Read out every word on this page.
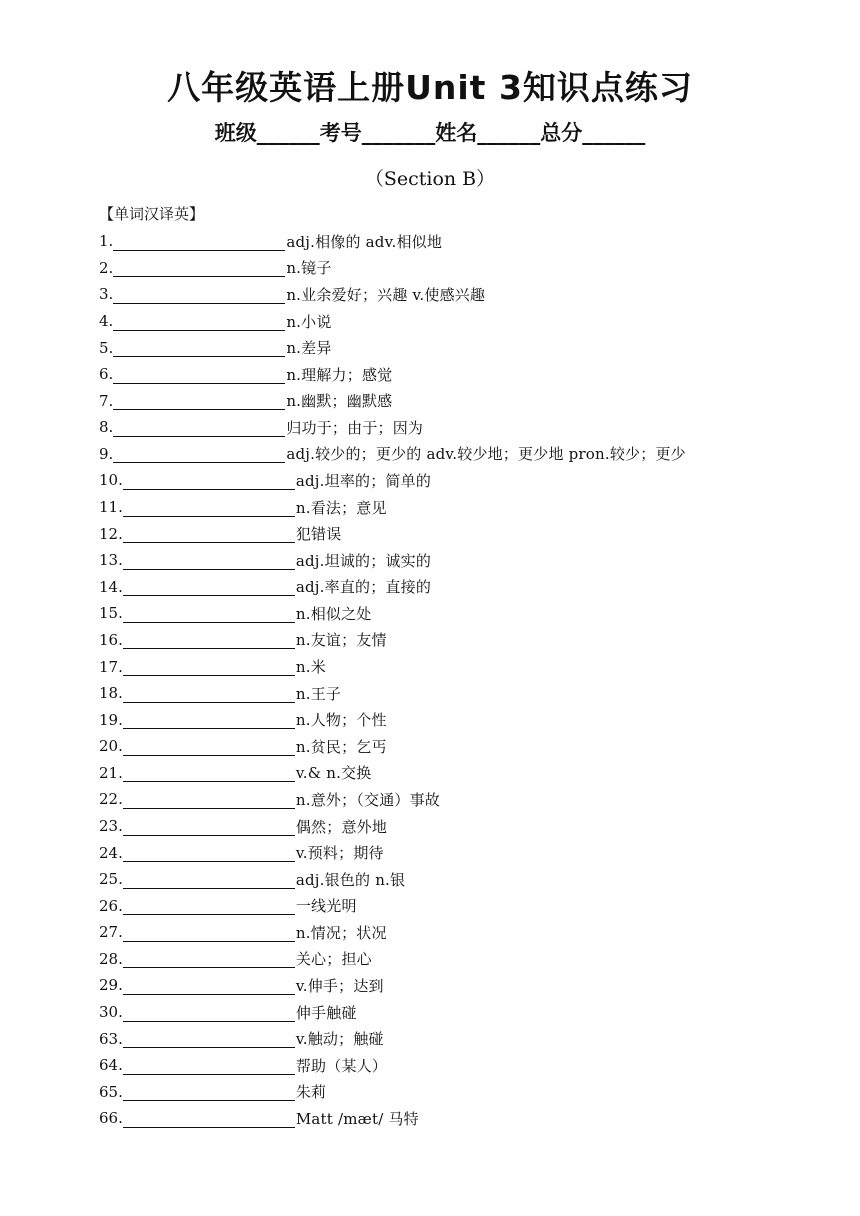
八年级英语上册Unit 3知识点练习
班级______考号_______姓名______总分______
（Section B）
【单词汉译英】
1.	adj.相像的 adv.相似地
2.	n.镜子
3.	n.业余爱好；兴趣 v.使感兴趣
4.	n.小说
5.	n.差异
6.	n.理解力；感觉
7.	n.幽默；幽默感
8.	归功于；由于；因为
9.	adj.较少的；更少的 adv.较少地；更少地 pron.较少；更少
10.	adj.坦率的；简单的
11.	n.看法；意见
12.	犯错误
13.	adj.坦诚的；诚实的
14.	adj.率直的；直接的
15.	n.相似之处
16.	n.友谊；友情
17.	n.米
18.	n.王子
19.	n.人物；个性
20.	n.贫民；乞丐
21.	v.& n.交换
22.	n.意外；（交通）事故
23.	偶然；意外地
24.	v.预料；期待
25.	adj.银色的 n.银
26.	一线光明
27.	n.情况；状况
28.	关心；担心
29.	v.伸手；达到
30.	伸手触碰
63.	v.触动；触碰
64.	帮助（某人）
65.	朱莉
66.	Matt /mæt/ 马特
